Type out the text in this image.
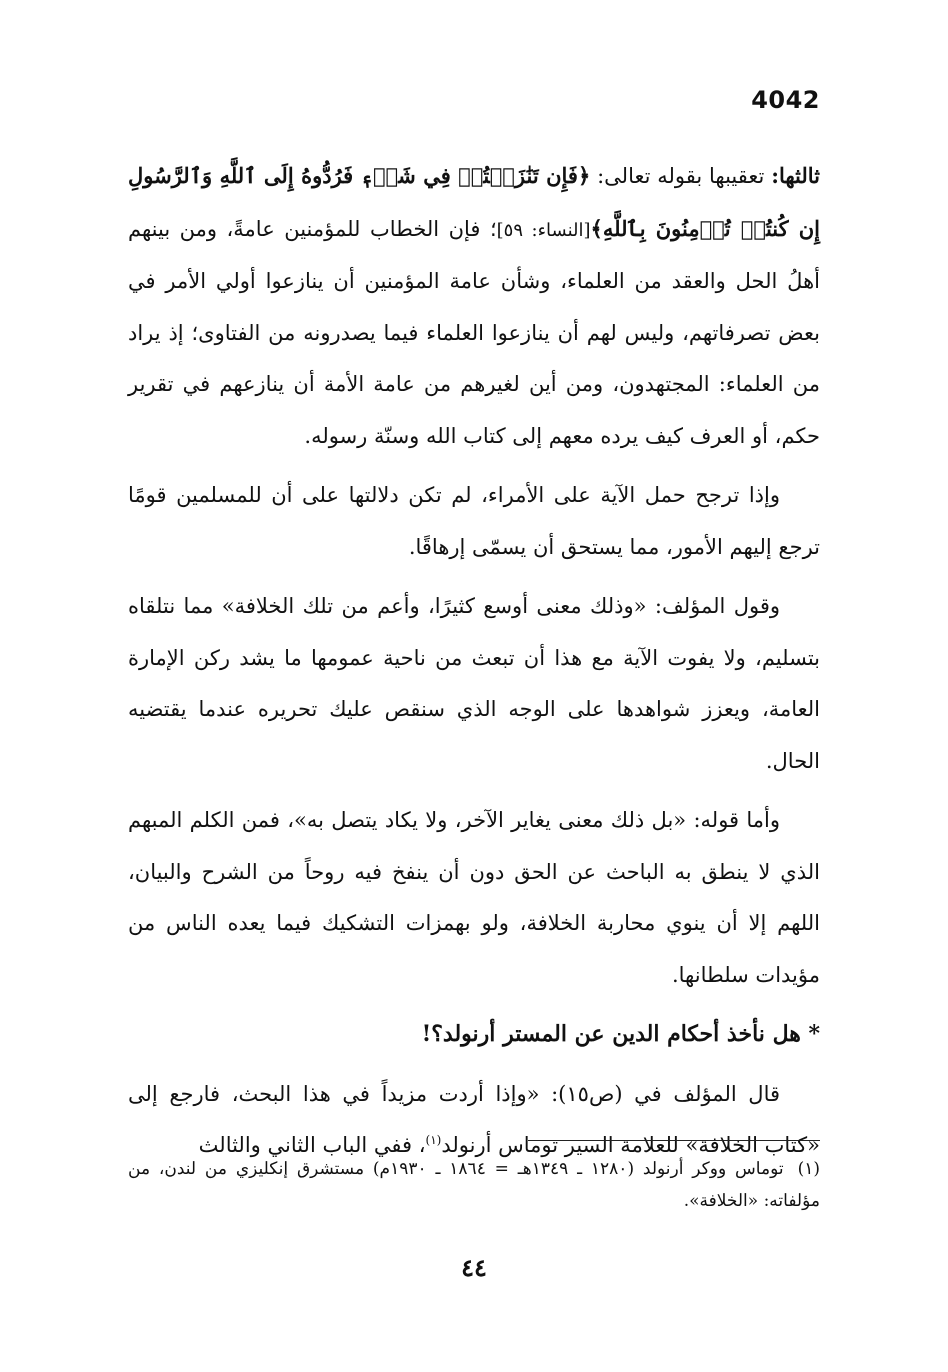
4042

ثالثها: تعقيبها بقوله تعالى: ﴿فَإِن تَنَٰزَعۡتُمۡ فِي شَيۡءٖ فَرُدُّوهُ إِلَى ٱللَّهِ وَٱلرَّسُولِ إِن كُنتُمۡ تُؤۡمِنُونَ بِٱللَّهِ﴾[النساء: ٥٩]؛ فإن الخطاب للمؤمنين عامةً، ومن بينهم أهلُ الحل والعقد من العلماء، وشأن عامة المؤمنين أن ينازعوا أولي الأمر في بعض تصرفاتهم، وليس لهم أن ينازعوا العلماء فيما يصدرونه من الفتاوى؛ إذ يراد من العلماء: المجتهدون، ومن أين لغيرهم من عامة الأمة أن ينازعهم في تقرير حكم، أو العرف كيف يرده معهم إلى كتاب الله وسنّة رسوله.

وإذا ترجح حمل الآية على الأمراء، لم تكن دلالتها على أن للمسلمين قومًا ترجع إليهم الأمور، مما يستحق أن يسمّى إرهاقًا.

وقول المؤلف: «وذلك معنى أوسع كثيرًا، وأعم من تلك الخلافة» مما نتلقاه بتسليم، ولا يفوت الآية مع هذا أن تبعث من ناحية عمومها ما يشد ركن الإمارة العامة، ويعزز شواهدها على الوجه الذي سنقص عليك تحريره عندما يقتضيه الحال.

وأما قوله: «بل ذلك معنى يغاير الآخر، ولا يكاد يتصل به»، فمن الكلم المبهم الذي لا ينطق به الباحث عن الحق دون أن ينفخ فيه روحاً من الشرح والبيان، اللهم إلا أن ينوي محاربة الخلافة، ولو بهمزات التشكيك فيما يعده الناس من مؤيدات سلطانها.

* هل نأخذ أحكام الدين عن المستر أرنولد؟!

قال المؤلف في (ص١٥): «وإذا أردت مزيداً في هذا البحث، فارجع إلى «كتاب الخلافة» للعلامة السير توماس أرنولد$^{(١)}$، ففي الباب الثاني والثالث

(١)توماس ووكر أرنولد (١٢٨٠ ـ ١٣٤٩هـ = ١٨٦٤ ـ ١٩٣٠م) مستشرق إنكليزي من لندن، من مؤلفاته: «الخلافة».
٤٤
